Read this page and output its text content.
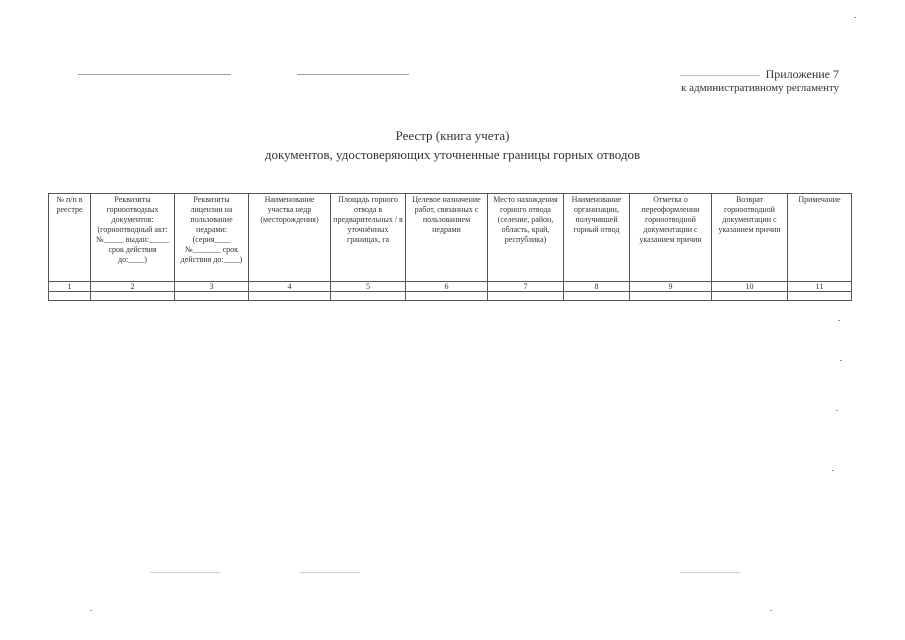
Приложение 7
к административному регламенту
Реестр (книга учета)
документов, удостоверяющих уточненные границы горных отводов
№ п/п в реестре	Реквизиты горноотводных документов: (горноотводный акт: №_____ выдан:_____ срок действия до:____)	Реквизиты лицензии на пользование недрами: (серия____ №_______ срок действия до:____)	Наименование участка недр (месторождения)	Площадь горного отвода в предварительных / в уточнённых границах, га	Целевое назначение работ, связанных с пользованием недрами	Место нахождения горного отвода (селение, район, область, край, республика)	Наименование организации, получившей горный отвод	Отметка о переоформлении горноотводной документации с указанием причин	Возврат горноотводной документации с указанием причин	Примечание
1	2	3	4	5	6	7	8	9	10	11
